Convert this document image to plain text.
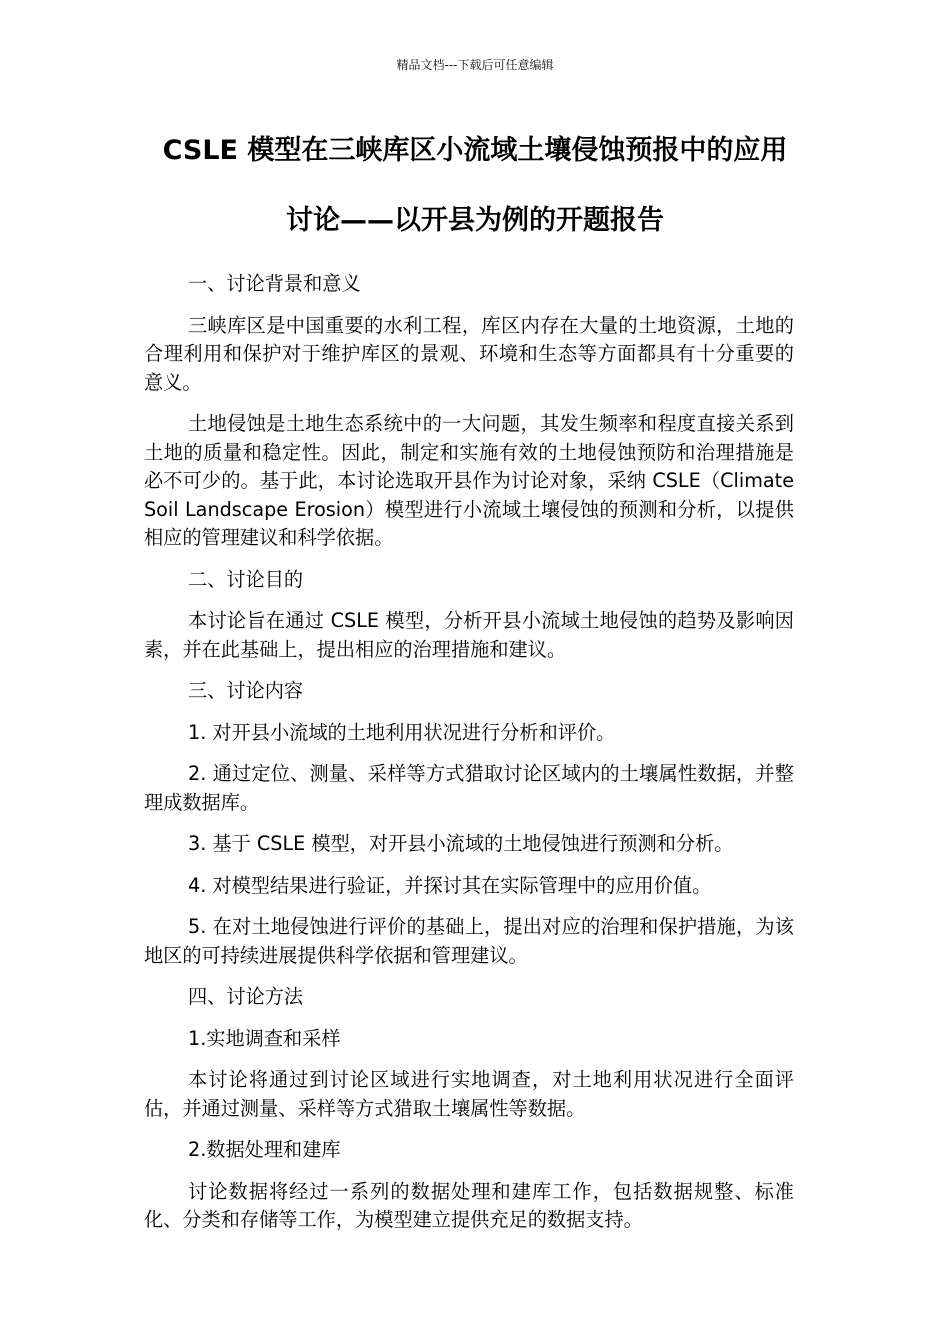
精品文档---下载后可任意编辑
CSLE 模型在三峡库区小流域土壤侵蚀预报中的应用
讨论——以开县为例的开题报告

一、讨论背景和意义

三峡库区是中国重要的水利工程，库区内存在大量的土地资源，土地的合理利用和保护对于维护库区的景观、环境和生态等方面都具有十分重要的意义。

土地侵蚀是土地生态系统中的一大问题，其发生频率和程度直接关系到土地的质量和稳定性。因此，制定和实施有效的土地侵蚀预防和治理措施是必不可少的。基于此，本讨论选取开县作为讨论对象，采纳 CSLE（Climate Soil Landscape Erosion）模型进行小流域土壤侵蚀的预测和分析，以提供相应的管理建议和科学依据。

二、讨论目的

本讨论旨在通过 CSLE 模型，分析开县小流域土地侵蚀的趋势及影响因素，并在此基础上，提出相应的治理措施和建议。

三、讨论内容

1. 对开县小流域的土地利用状况进行分析和评价。

2. 通过定位、测量、采样等方式猎取讨论区域内的土壤属性数据，并整理成数据库。

3. 基于 CSLE 模型，对开县小流域的土地侵蚀进行预测和分析。

4. 对模型结果进行验证，并探讨其在实际管理中的应用价值。

5. 在对土地侵蚀进行评价的基础上，提出对应的治理和保护措施，为该地区的可持续进展提供科学依据和管理建议。

四、讨论方法

1.实地调查和采样

本讨论将通过到讨论区域进行实地调查，对土地利用状况进行全面评估，并通过测量、采样等方式猎取土壤属性等数据。

2.数据处理和建库

讨论数据将经过一系列的数据处理和建库工作，包括数据规整、标准化、分类和存储等工作，为模型建立提供充足的数据支持。
